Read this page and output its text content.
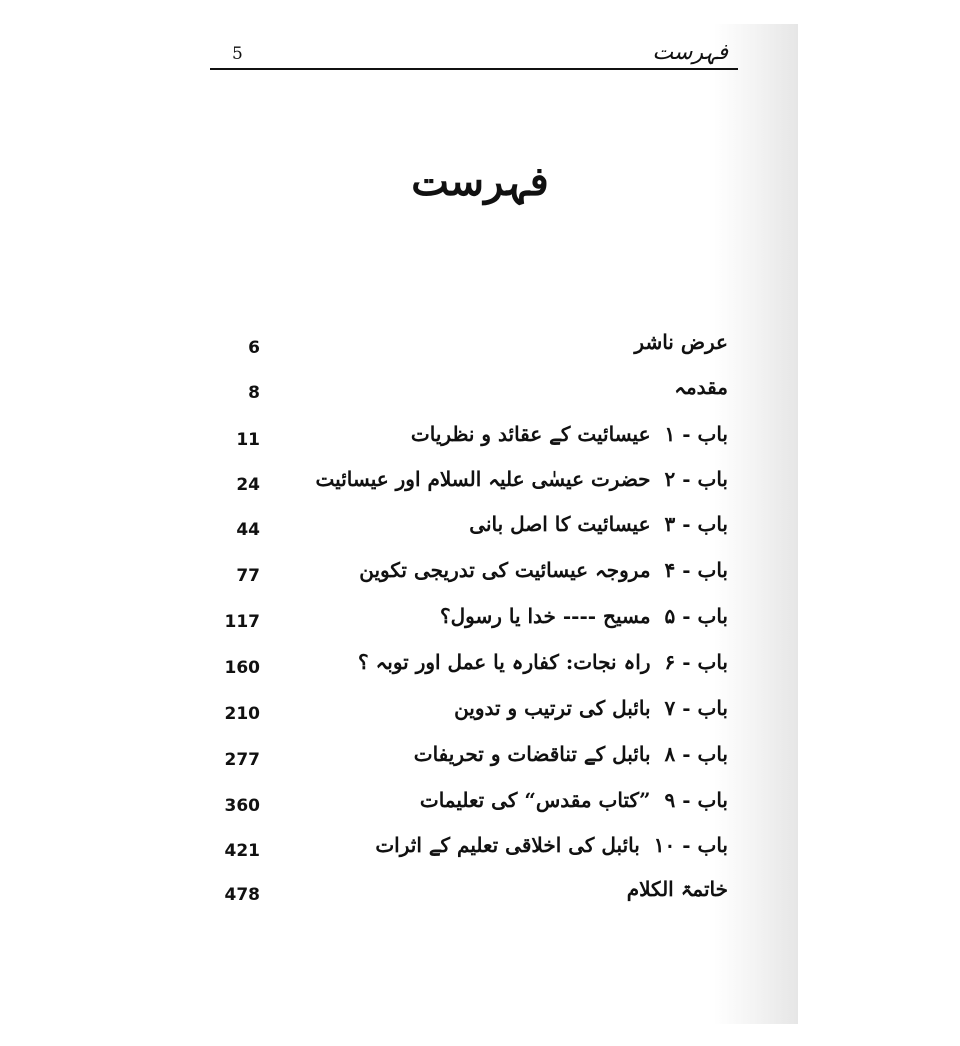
فہرست
5
فہرست
عرض ناشر
6
مقدمہ
8
باب - ۱عیسائیت کے عقائد و نظریات
11
باب - ۲حضرت عیسٰی علیہ السلام اور عیسائیت
24
باب - ۳عیسائیت کا اصل بانی
44
باب - ۴مروجہ عیسائیت کی تدریجی تکوین
77
باب - ۵مسیح ---- خدا یا رسول؟
117
باب - ۶راہ نجات: کفارہ یا عمل اور توبہ ؟
160
باب - ۷بائبل کی ترتیب و تدوین
210
باب - ۸بائبل کے تناقضات و تحریفات
277
باب - ۹”کتاب مقدس“ کی تعلیمات
360
باب - ۱۰بائبل کی اخلاقی تعلیم کے اثرات
421
خاتمۃ الکلام
478
